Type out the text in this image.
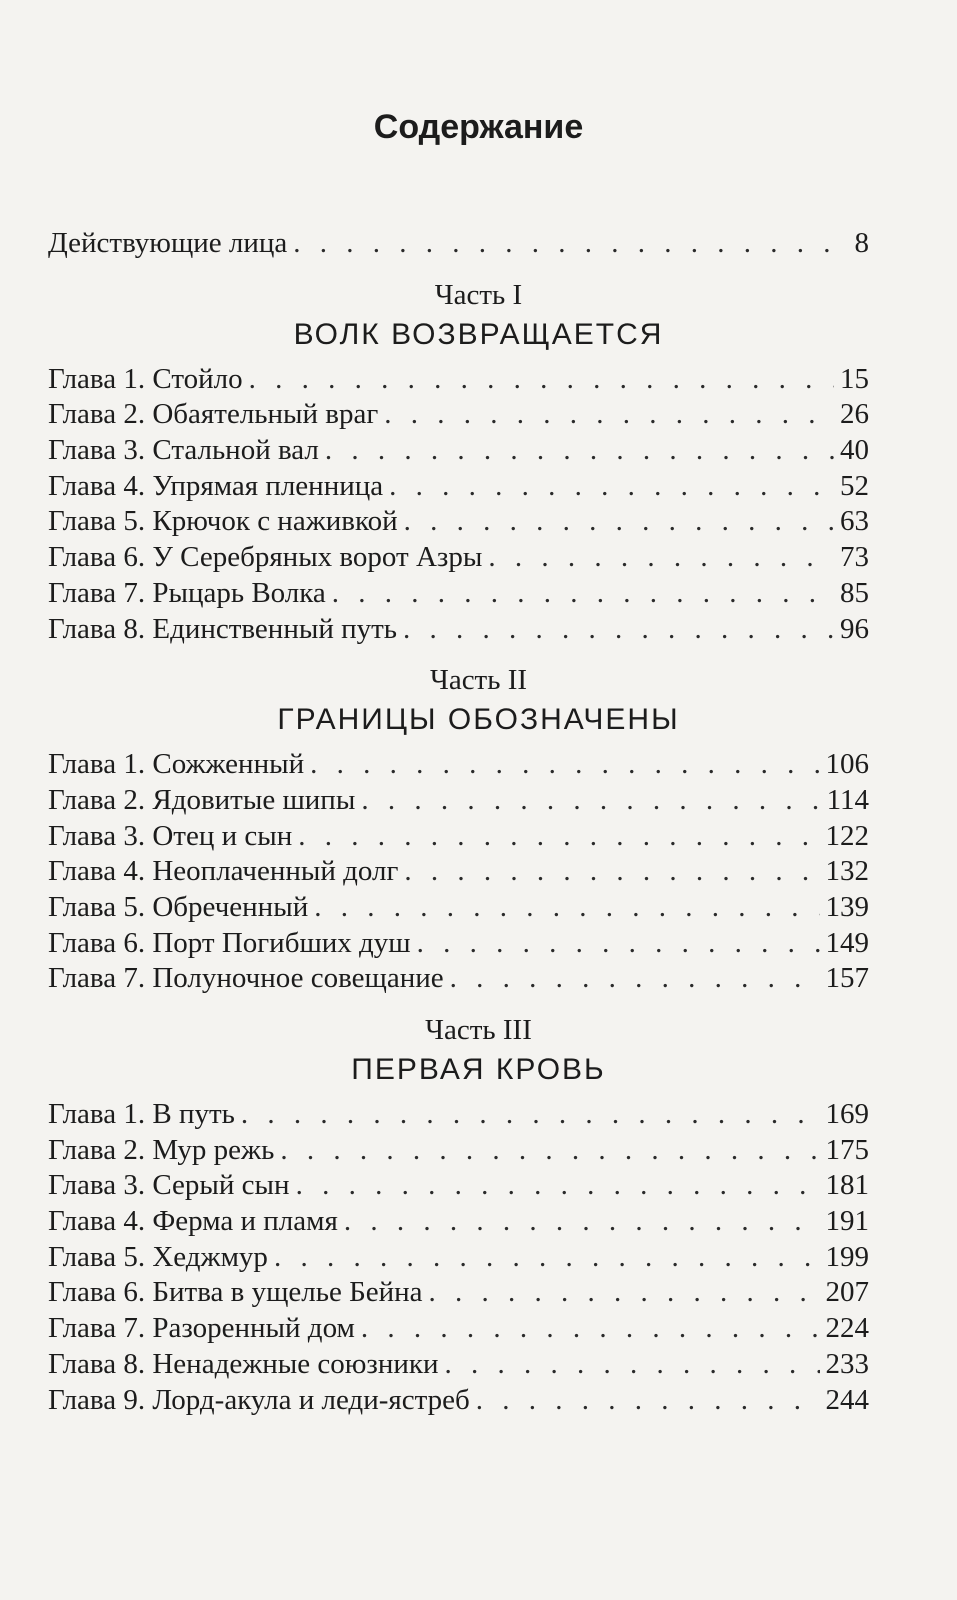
Содержание
Действующие лица . . .	8
Часть I
ВОЛК ВОЗВРАЩАЕТСЯ
Глава 1. Стойло . . .	15
Глава 2. Обаятельный враг . . .	26
Глава 3. Стальной вал . . .	40
Глава 4. Упрямая пленница . . .	52
Глава 5. Крючок с наживкой . . .	63
Глава 6. У Серебряных ворот Азры . . .	73
Глава 7. Рыцарь Волка . . .	85
Глава 8. Единственный путь . . .	96
Часть II
ГРАНИЦЫ ОБОЗНАЧЕНЫ
Глава 1. Сожженный . . .	106
Глава 2. Ядовитые шипы . . .	114
Глава 3. Отец и сын . . .	122
Глава 4. Неоплаченный долг . . .	132
Глава 5. Обреченный . . .	139
Глава 6. Порт Погибших душ . . .	149
Глава 7. Полуночное совещание . . .	157
Часть III
ПЕРВАЯ КРОВЬ
Глава 1. В путь . . .	169
Глава 2. Мур режь . . .	175
Глава 3. Серый сын . . .	181
Глава 4. Ферма и пламя . . .	191
Глава 5. Хеджмур . . .	199
Глава 6. Битва в ущелье Бейна . . .	207
Глава 7. Разоренный дом . . .	224
Глава 8. Ненадежные союзники . . .	233
Глава 9. Лорд-акула и леди-ястреб . . .	244
